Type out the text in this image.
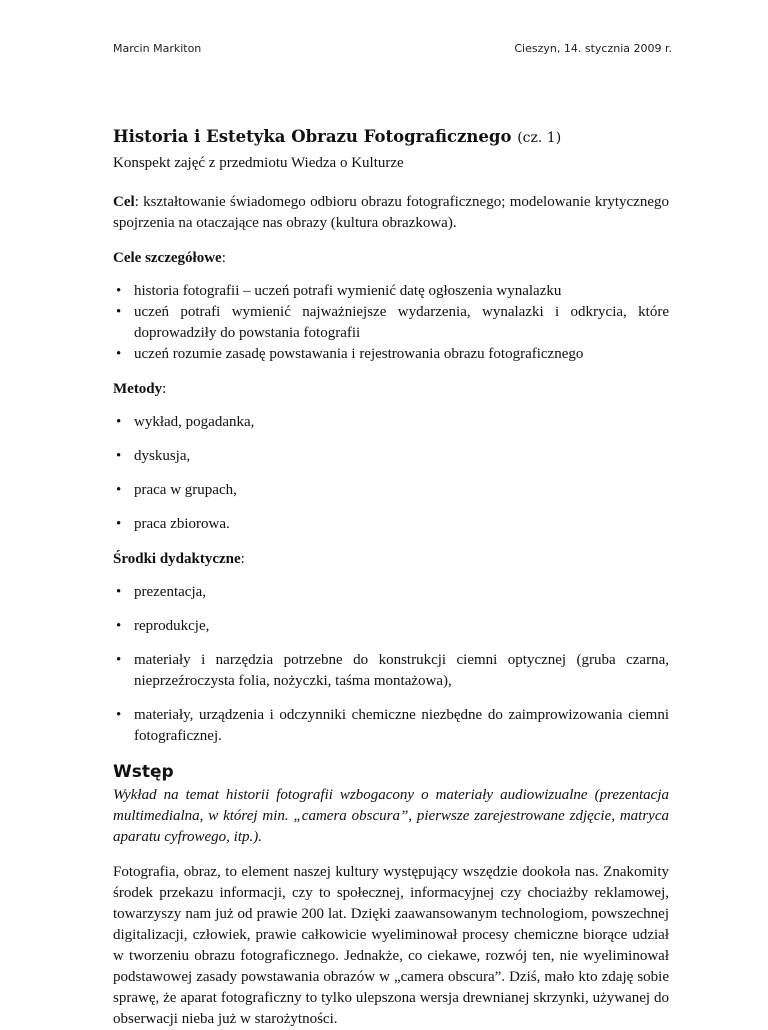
Marcin Markiton	Cieszyn, 14. stycznia 2009 r.
Historia i Estetyka Obrazu Fotograficznego (cz. 1)

Konspekt zajęć z przedmiotu Wiedza o Kulturze

Cel: kształtowanie świadomego odbioru obrazu fotograficznego; modelowanie krytycznego spojrzenia na otaczające nas obrazy (kultura obrazkowa).

Cele szczegółowe:

• historia fotografii – uczeń potrafi wymienić datę ogłoszenia wynalazku
• uczeń potrafi wymienić najważniejsze wydarzenia, wynalazki i odkrycia, które doprowadziły do powstania fotografii
• uczeń rozumie zasadę powstawania i rejestrowania obrazu fotograficznego

Metody:

• wykład, pogadanka,
• dyskusja,
• praca w grupach,
• praca zbiorowa.

Środki dydaktyczne:

• prezentacja,
• reprodukcje,
• materiały i narzędzia potrzebne do konstrukcji ciemni optycznej (gruba czarna, nieprzeźroczysta folia, nożyczki, taśma montażowa),
• materiały, urządzenia i odczynniki chemiczne niezbędne do zaimprowizowania ciemni fotograficznej.
Wstęp

Wykład na temat historii fotografii wzbogacony o materiały audiowizualne (prezentacja multimedialna, w której min. „camera obscura”, pierwsze zarejestrowane zdjęcie, matryca aparatu cyfrowego, itp.).

Fotografia, obraz, to element naszej kultury występujący wszędzie dookoła nas. Znakomity środek przekazu informacji, czy to społecznej, informacyjnej czy chociażby reklamowej, towarzyszy nam już od prawie 200 lat. Dzięki zaawansowanym technologiom, powszechnej digitalizacji, człowiek, prawie całkowicie wyeliminował procesy chemiczne biorące udział w tworzeniu obrazu fotograficznego. Jednakże, co ciekawe, rozwój ten, nie wyeliminował podstawowej zasady powstawania obrazów w „camera obscura”. Dziś, mało kto zdaję sobie sprawę, że aparat fotograficzny to tylko ulepszona wersja drewnianej skrzynki, używanej do obserwacji nieba już w starożytności.
